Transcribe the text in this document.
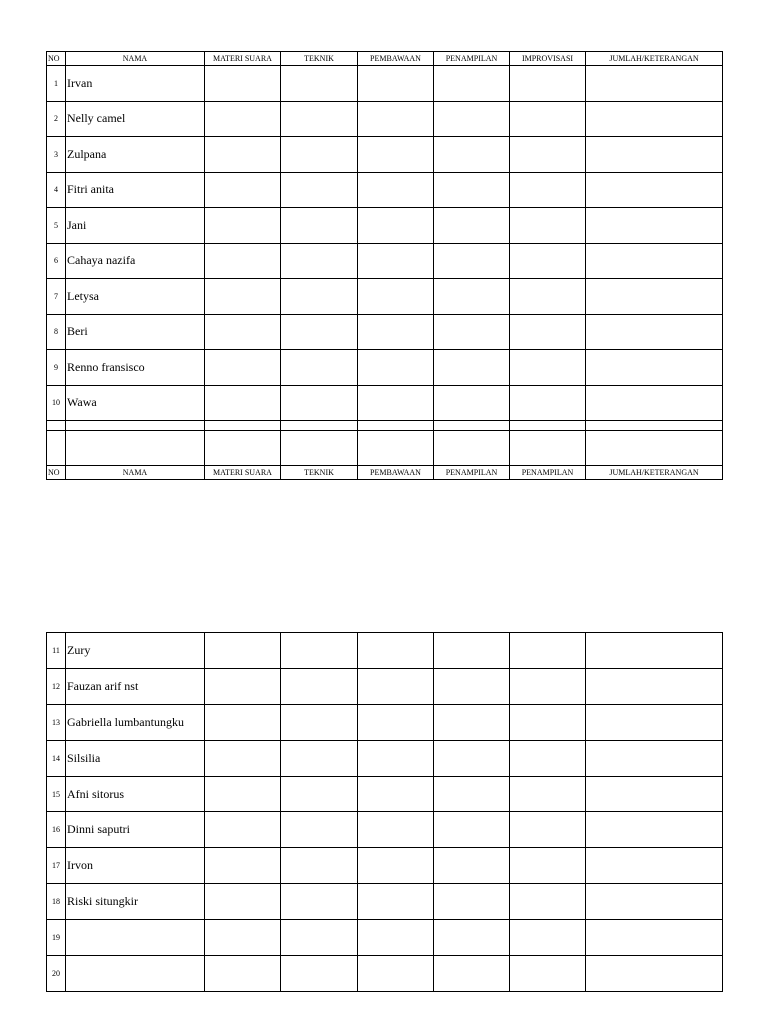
NO	NAMA	MATERI SUARA	TEKNIK	PEMBAWAAN	PENAMPILAN	IMPROVISASI	JUMLAH/KETERANGAN
1	Irvan						
2	Nelly camel						
3	Zulpana						
4	Fitri anita						
5	Jani						
6	Cahaya nazifa						
7	Letysa						
8	Beri						
9	Renno fransisco						
10	Wawa						

NO	NAMA	MATERI SUARA	TEKNIK	PEMBAWAAN	PENAMPILAN	PENAMPILAN	JUMLAH/KETERANGAN
11	Zury						
12	Fauzan arif nst						
13	Gabriella lumbantungku						
14	Silsilia						
15	Afni sitorus						
16	Dinni saputri						
17	Irvon						
18	Riski situngkir						
19							
20							
